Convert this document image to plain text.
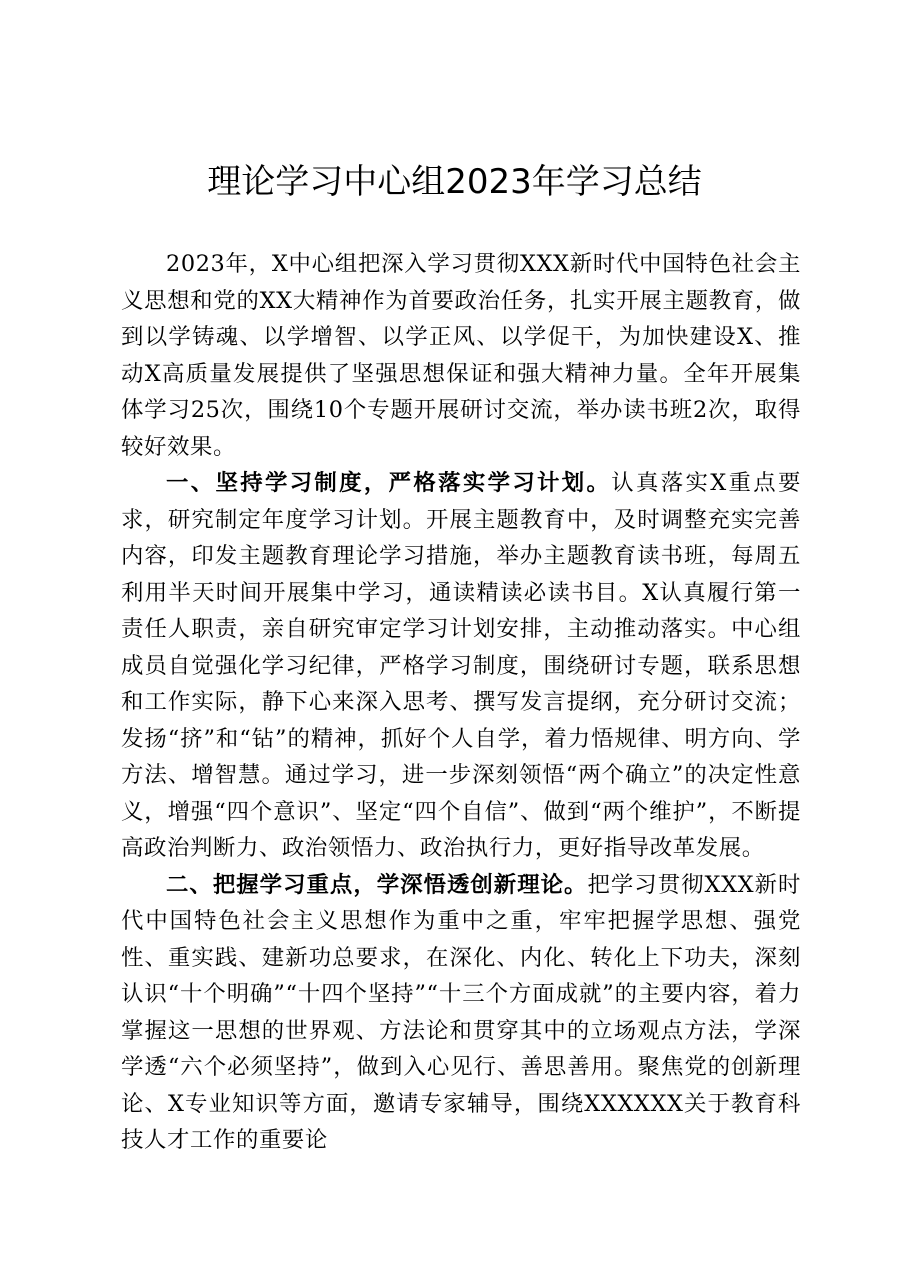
理论学习中心组2023年学习总结

2023年，X中心组把深入学习贯彻XXX新时代中国特色社会主义思想和党的XX大精神作为首要政治任务，扎实开展主题教育，做到以学铸魂、以学增智、以学正风、以学促干，为加快建设X、推动X高质量发展提供了坚强思想保证和强大精神力量。全年开展集体学习25次，围绕10个专题开展研讨交流，举办读书班2次，取得较好效果。

一、坚持学习制度，严格落实学习计划。认真落实X重点要求，研究制定年度学习计划。开展主题教育中，及时调整充实完善内容，印发主题教育理论学习措施，举办主题教育读书班，每周五利用半天时间开展集中学习，通读精读必读书目。X认真履行第一责任人职责，亲自研究审定学习计划安排，主动推动落实。中心组成员自觉强化学习纪律，严格学习制度，围绕研讨专题，联系思想和工作实际，静下心来深入思考、撰写发言提纲，充分研讨交流；发扬“挤”和“钻”的精神，抓好个人自学，着力悟规律、明方向、学方法、增智慧。通过学习，进一步深刻领悟“两个确立”的决定性意义，增强“四个意识”、坚定“四个自信”、做到“两个维护”，不断提高政治判断力、政治领悟力、政治执行力，更好指导改革发展。

二、把握学习重点，学深悟透创新理论。把学习贯彻XXX新时代中国特色社会主义思想作为重中之重，牢牢把握学思想、强党性、重实践、建新功总要求，在深化、内化、转化上下功夫，深刻认识“十个明确”“十四个坚持”“十三个方面成就”的主要内容，着力掌握这一思想的世界观、方法论和贯穿其中的立场观点方法，学深学透“六个必须坚持”，做到入心见行、善思善用。聚焦党的创新理论、X专业知识等方面，邀请专家辅导，围绕XXXXXX关于教育科技人才工作的重要论
